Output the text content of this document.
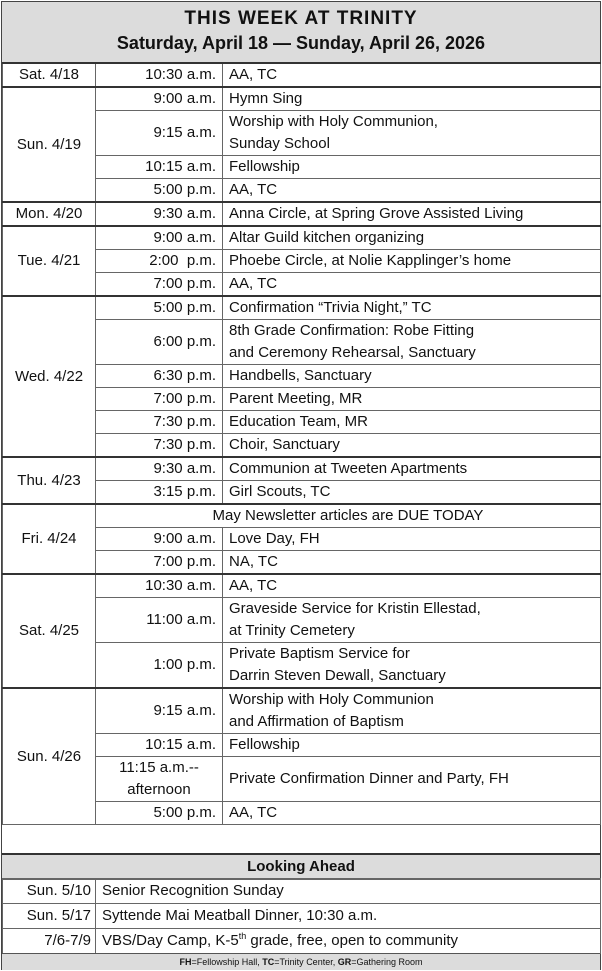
THIS WEEK AT TRINITY
Saturday, April 18 — Sunday, April 26, 2026
Sat. 4/18	10:30 a.m.	AA, TC
Sun. 4/19	9:00 a.m.	Hymn Sing
	9:15 a.m.	Worship with Holy Communion,
Sunday School
	10:15 a.m.	Fellowship
	5:00 p.m.	AA, TC
Mon. 4/20	9:30 a.m.	Anna Circle, at Spring Grove Assisted Living
Tue. 4/21	9:00 a.m.	Altar Guild kitchen organizing
	2:00  p.m.	Phoebe Circle, at Nolie Kapplinger’s home
	7:00 p.m.	AA, TC
Wed. 4/22	5:00 p.m.	Confirmation “Trivia Night,” TC
	6:00 p.m.	8th Grade Confirmation: Robe Fitting
and Ceremony Rehearsal, Sanctuary
	6:30 p.m.	Handbells, Sanctuary
	7:00 p.m.	Parent Meeting, MR
	7:30 p.m.	Education Team, MR
	7:30 p.m.	Choir, Sanctuary
Thu. 4/23	9:30 a.m.	Communion at Tweeten Apartments
	3:15 p.m.	Girl Scouts, TC
Fri. 4/24	May Newsletter articles are DUE TODAY	
	9:00 a.m.	Love Day, FH
	7:00 p.m.	NA, TC
Sat. 4/25	10:30 a.m.	AA, TC
	11:00 a.m.	Graveside Service for Kristin Ellestad,
at Trinity Cemetery
	1:00 p.m.	Private Baptism Service for
Darrin Steven Dewall, Sanctuary
Sun. 4/26	9:15 a.m.	Worship with Holy Communion
and Affirmation of Baptism
	10:15 a.m.	Fellowship
	11:15 a.m.--
afternoon	Private Confirmation Dinner and Party, FH
	5:00 p.m.	AA, TC
Looking Ahead
Sun. 5/10	Senior Recognition Sunday
Sun. 5/17	Syttende Mai Meatball Dinner, 10:30 a.m.
7/6-7/9	VBS/Day Camp, K-5th grade, free, open to community
FH=Fellowship Hall, TC=Trinity Center, GR=Gathering Room
